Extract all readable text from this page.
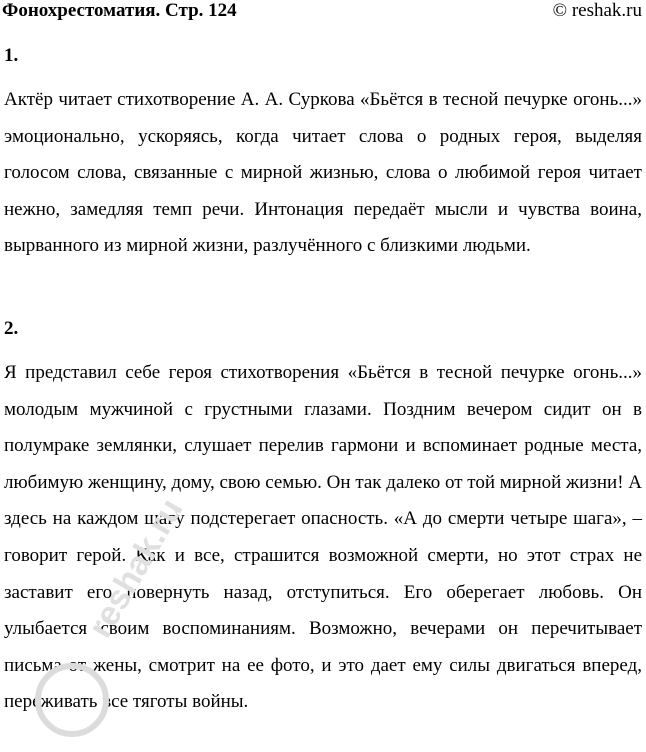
Фонохрестоматия. Стр. 124	© reshak.ru
1.
Актёр читает стихотворение А. А. Суркова «Бьётся в тесной печурке огонь...» эмоционально, ускоряясь, когда читает слова о родных героя, выделяя голосом слова, связанные с мирной жизнью, слова о любимой героя читает нежно, замедляя темп речи. Интонация передаёт мысли и чувства воина, вырванного из мирной жизни, разлучённого с близкими людьми.
2.
Я представил себе героя стихотворения «Бьётся в тесной печурке огонь...» молодым мужчиной с грустными глазами. Поздним вечером сидит он в полумраке землянки, слушает перелив гармони и вспоминает родные места, любимую женщину, дому, свою семью. Он так далеко от той мирной жизни! А здесь на каждом шагу подстерегает опасность. «А до смерти четыре шага», – говорит герой. Как и все, страшится возможной смерти, но этот страх не заставит его повернуть назад, отступиться. Его оберегает любовь. Он улыбается своим воспоминаниям. Возможно, вечерами он перечитывает письма от жены, смотрит на ее фото, и это дает ему силы двигаться вперед, переживать все тяготы войны.
reshak.ru
